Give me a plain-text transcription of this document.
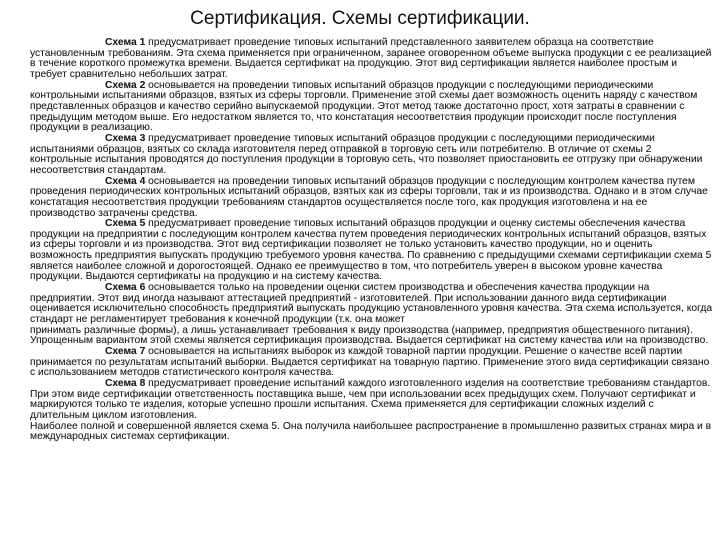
Сертификация. Схемы сертификации.

Схема 1 предусматривает проведение типовых испытаний представленного заявителем образца на соответствие установленным требованиям. Эта схема применяется при ограниченном, заранее оговоренном объеме выпуска продукции с ее реализацией в течение короткого промежутка времени. Выдается сертификат на продукцию. Этот вид сертификации является наиболее простым и требует сравнительно небольших затрат.

Схема 2 основывается на проведении типовых испытаний образцов продукции с последующими периодическими контрольными испытаниями образцов, взятых из сферы торговли. Применение этой схемы дает возможность оценить наряду с качеством представленных образцов и качество серийно выпускаемой продукции. Этот метод также достаточно прост, хотя затраты в сравнении с предыдущим методом выше. Его недостатком является то, что констатация несоответствия продукции происходит после поступления продукции в реализацию.

Схема 3 предусматривает проведение типовых испытаний образцов продукции с последующими периодическими испытаниями образцов, взятых со склада изготовителя перед отправкой в торговую сеть или потребителю. В отличие от схемы 2 контрольные испытания проводятся до поступления продукции в торговую сеть, что позволяет приостановить ее отгрузку при обнаружении несоответствия стандартам.

Схема 4 основывается на проведении типовых испытаний образцов продукции с последующим контролем качества путем проведения периодических контрольных испытаний образцов, взятых как из сферы торговли, так и из производства. Однако и в этом случае констатация несоответствия продукции требованиям стандартов осуществляется после того, как продукция изготовлена и на ее производство затрачены средства.

Схема 5 предусматривает проведение типовых испытаний образцов продукции и оценку системы обеспечения качества продукции на предприятии с последующим контролем качества путем проведения периодических контрольных испытаний образцов, взятых из сферы торговли и из производства. Этот вид сертификации позволяет не только установить качество продукции, но и оценить возможность предприятия выпускать продукцию требуемого уровня качества. По сравнению с предыдущими схемами сертификации схема 5 является наиболее сложной и дорогостоящей. Однако ее преимущество в том, что потребитель уверен в высоком уровне качества продукции. Выдаются сертификаты на продукцию и на систему качества.

Схема 6 основывается только на проведении оценки систем производства и обеспечения качества продукции на предприятии. Этот вид иногда называют аттестацией предприятий - изготовителей. При использовании данного вида сертификации оценивается исключительно способность предприятий выпускать продукцию установленного уровня качества. Эта схема используется, когда стандарт не регламентирует требования к конечной продукции (т.к. она может

принимать различные формы), а лишь устанавливает требования к виду производства (например, предприятия общественного питания). Упрощенным вариантом этой схемы является сертификация производства. Выдается сертификат на систему качества или на производство.

Схема 7 основывается на испытаниях выборок из каждой товарной партии продукции. Решение о качестве всей партии принимается по результатам испытаний выборки. Выдается сертификат на товарную партию. Применение этого вида сертификации связано с использованием методов статистического контроля качества.

Схема 8 предусматривает проведение испытаний каждого изготовленного изделия на соответствие требованиям стандартов. При этом виде сертификации ответственность поставщика выше, чем при использовании всех предыдущих схем. Получают сертификат и маркируются только те изделия, которые успешно прошли испытания. Схема применяется для сертификации сложных изделий с длительным циклом изготовления.

Наиболее полной и совершенной является схема 5. Она получила наибольшее распространение в промышленно развитых странах мира и в международных системах сертификации.
